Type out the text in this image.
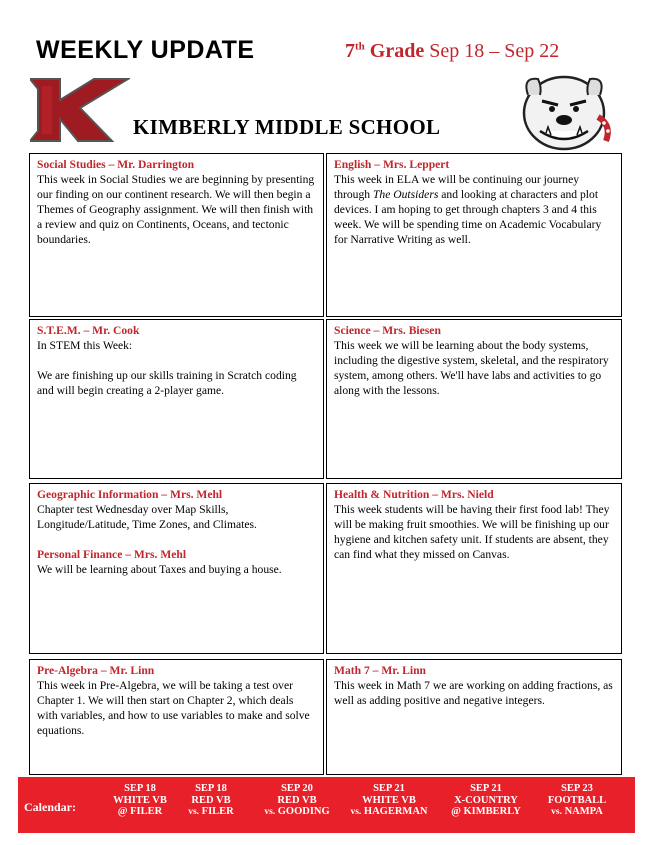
WEEKLY UPDATE	7th Grade Sep 18 – Sep 22
KIMBERLY MIDDLE SCHOOL
Social Studies – Mr. Darrington
This week in Social Studies we are beginning by presenting our finding on our continent research. We will then begin a Themes of Geography assignment. We will then finish with a review and quiz on Continents, Oceans, and tectonic boundaries.
English – Mrs. Leppert
This week in ELA we will be continuing our journey through The Outsiders and looking at characters and plot devices. I am hoping to get through chapters 3 and 4 this week. We will be spending time on Academic Vocabulary for Narrative Writing as well.
S.T.E.M. – Mr. Cook
In STEM this Week:
We are finishing up our skills training in Scratch coding and will begin creating a 2-player game.
Science – Mrs. Biesen
This week we will be learning about the body systems, including the digestive system, skeletal, and the respiratory system, among others. We'll have labs and activities to go along with the lessons.
Geographic Information – Mrs. Mehl
Chapter test Wednesday over Map Skills, Longitude/Latitude, Time Zones, and Climates.
Personal Finance – Mrs. Mehl
We will be learning about Taxes and buying a house.
Health & Nutrition – Mrs. Nield
This week students will be having their first food lab! They will be making fruit smoothies. We will be finishing up our hygiene and kitchen safety unit. If students are absent, they can find what they missed on Canvas.
Pre-Algebra – Mr. Linn
This week in Pre-Algebra, we will be taking a test over Chapter 1. We will then start on Chapter 2, which deals with variables, and how to use variables to make and solve equations.
Math 7 – Mr. Linn
This week in Math 7 we are working on adding fractions, as well as adding positive and negative integers.
Calendar:
SEP 18
WHITE VB
@ FILER
SEP 18
RED VB
vs. FILER
SEP 20
RED VB
vs. GOODING
SEP 21
WHITE VB
vs. HAGERMAN
SEP 21
X-COUNTRY
@ KIMBERLY
SEP 23
FOOTBALL
vs. NAMPA
